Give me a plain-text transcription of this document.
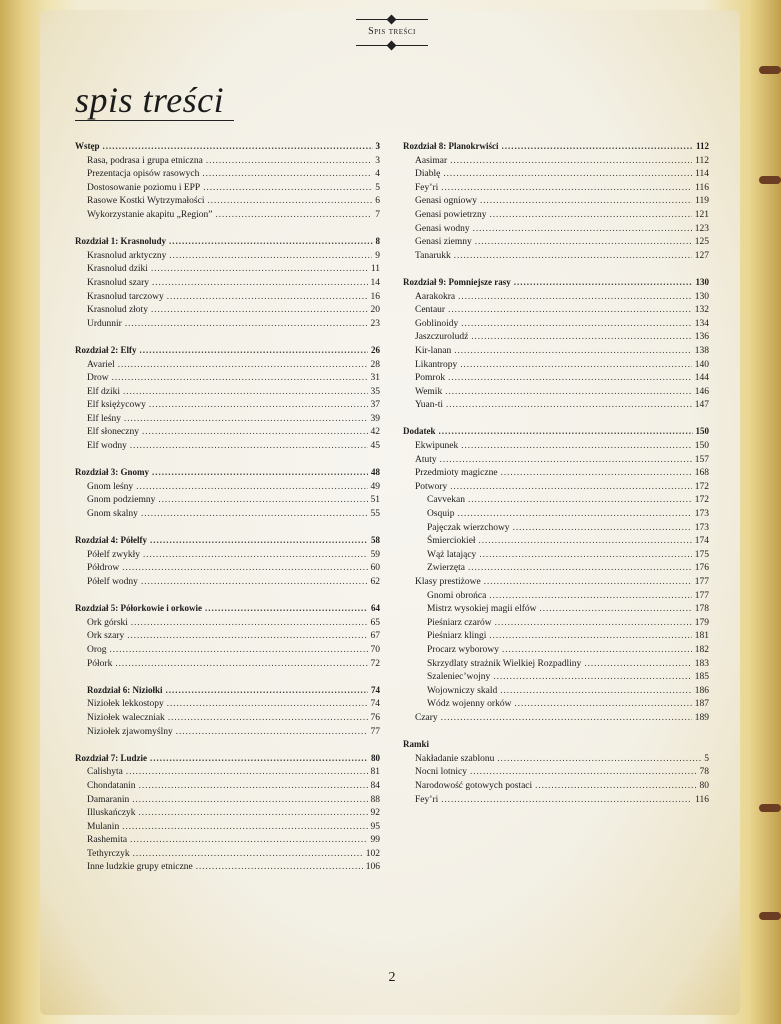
Spis treści
spis treści
Wstęp .....	3
Rasa, podrasa i grupa etniczna .....	3
Prezentacja opisów rasowych .....	4
Dostosowanie poziomu i EPP .....	5
Rasowe Kostki Wytrzymałości .....	6
Wykorzystanie akapitu „Region” .....	7
Rozdział 1: Krasnoludy .....	8
Krasnolud arktyczny .....	9
Krasnolud dziki .....	11
Krasnolud szary .....	14
Krasnolud tarczowy .....	16
Krasnolud złoty .....	20
Urdunnir .....	23
Rozdział 2: Elfy .....	26
Avariel .....	28
Drow .....	31
Elf dziki .....	35
Elf księżycowy .....	37
Elf leśny .....	39
Elf słoneczny .....	42
Elf wodny .....	45
Rozdział 3: Gnomy .....	48
Gnom leśny .....	49
Gnom podziemny .....	51
Gnom skalny .....	55
Rozdział 4: Półelfy .....	58
Półelf zwykły .....	59
Półdrow .....	60
Półelf wodny .....	62
Rozdział 5: Półorkowie i orkowie .....	64
Ork górski .....	65
Ork szary .....	67
Orog .....	70
Półork .....	72
Rozdział 6: Niziołki .....	74
Niziołek lekkostopy .....	74
Niziołek waleczniak .....	76
Niziołek zjawomyślny .....	77
Rozdział 7: Ludzie .....	80
Calishyta .....	81
Chondatanin .....	84
Damaranin .....	88
Illuskańczyk .....	92
Mulanin .....	95
Rashemita .....	99
Tethyrczyk .....	102
Inne ludzkie grupy etniczne .....	106
Rozdział 8: Planokrwiści .....	112
Aasimar .....	112
Diablę .....	114
Fey’ri .....	116
Genasi ogniowy .....	119
Genasi powietrzny .....	121
Genasi wodny .....	123
Genasi ziemny .....	125
Tanarukk .....	127
Rozdział 9: Pomniejsze rasy .....	130
Aarakokra .....	130
Centaur .....	132
Goblinoidy .....	134
Jaszczuroludź .....	136
Kir-lanan .....	138
Likantropy .....	140
Pomrok .....	144
Wemik .....	146
Yuan-ti .....	147
Dodatek .....	150
Ekwipunek .....	150
Atuty .....	157
Przedmioty magiczne .....	168
Potwory .....	172
Cavvekan .....	172
Osquip .....	173
Pajęczak wierzchowy .....	173
Śmierciokieł .....	174
Wąż latający .....	175
Zwierzęta .....	176
Klasy prestiżowe .....	177
Gnomi obrońca .....	177
Mistrz wysokiej magii elfów .....	178
Pieśniarz czarów .....	179
Pieśniarz klingi .....	181
Procarz wyborowy .....	182
Skrzydlaty strażnik Wielkiej Rozpadliny .....	183
Szaleniec’wojny .....	185
Wojowniczy skald .....	186
Wódz wojenny orków .....	187
Czary .....	189
Ramki
Nakładanie szablonu .....	5
Nocni lotnicy .....	78
Narodowość gotowych postaci .....	80
Fey’ri .....	116
2
